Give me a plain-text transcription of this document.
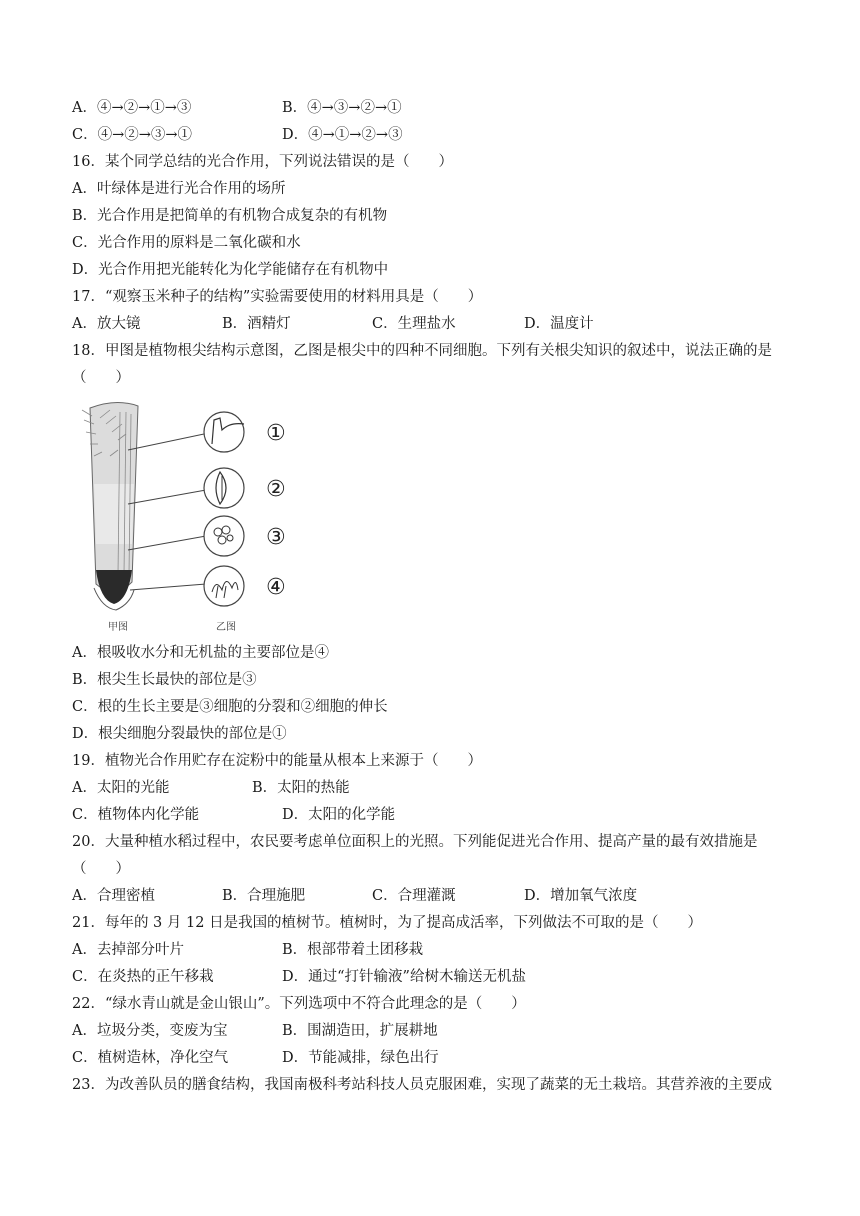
A．④→②→①→③	B．④→③→②→①
C．④→②→③→①	D．④→①→②→③
16．某个同学总结的光合作用，下列说法错误的是（　　）
A．叶绿体是进行光合作用的场所
B．光合作用是把简单的有机物合成复杂的有机物
C．光合作用的原料是二氧化碳和水
D．光合作用把光能转化为化学能储存在有机物中
17．“观察玉米种子的结构”实验需要使用的材料用具是（　　）
A．放大镜	B．酒精灯	C．生理盐水	D．温度计
18．甲图是植物根尖结构示意图，乙图是根尖中的四种不同细胞。下列有关根尖知识的叙述中，说法正确的是
（　　）
①
②
③
④
甲图	乙图
A．根吸收水分和无机盐的主要部位是④
B．根尖生长最快的部位是③
C．根的生长主要是③细胞的分裂和②细胞的伸长
D．根尖细胞分裂最快的部位是①
19．植物光合作用贮存在淀粉中的能量从根本上来源于（　　）
A．太阳的光能	B．太阳的热能
C．植物体内化学能	D．太阳的化学能
20．大量种植水稻过程中，农民要考虑单位面积上的光照。下列能促进光合作用、提高产量的最有效措施是
（　　）
A．合理密植	B．合理施肥	C．合理灌溉	D．增加氧气浓度
21．每年的 3 月 12 日是我国的植树节。植树时，为了提高成活率，下列做法不可取的是（　　）
A．去掉部分叶片	B．根部带着土团移栽
C．在炎热的正午移栽	D．通过“打针输液”给树木输送无机盐
22．“绿水青山就是金山银山”。下列选项中不符合此理念的是（　　）
A．垃圾分类，变废为宝	B．围湖造田，扩展耕地
C．植树造林，净化空气	D．节能减排，绿色出行
23．为改善队员的膳食结构，我国南极科考站科技人员克服困难，实现了蔬菜的无土栽培。其营养液的主要成
